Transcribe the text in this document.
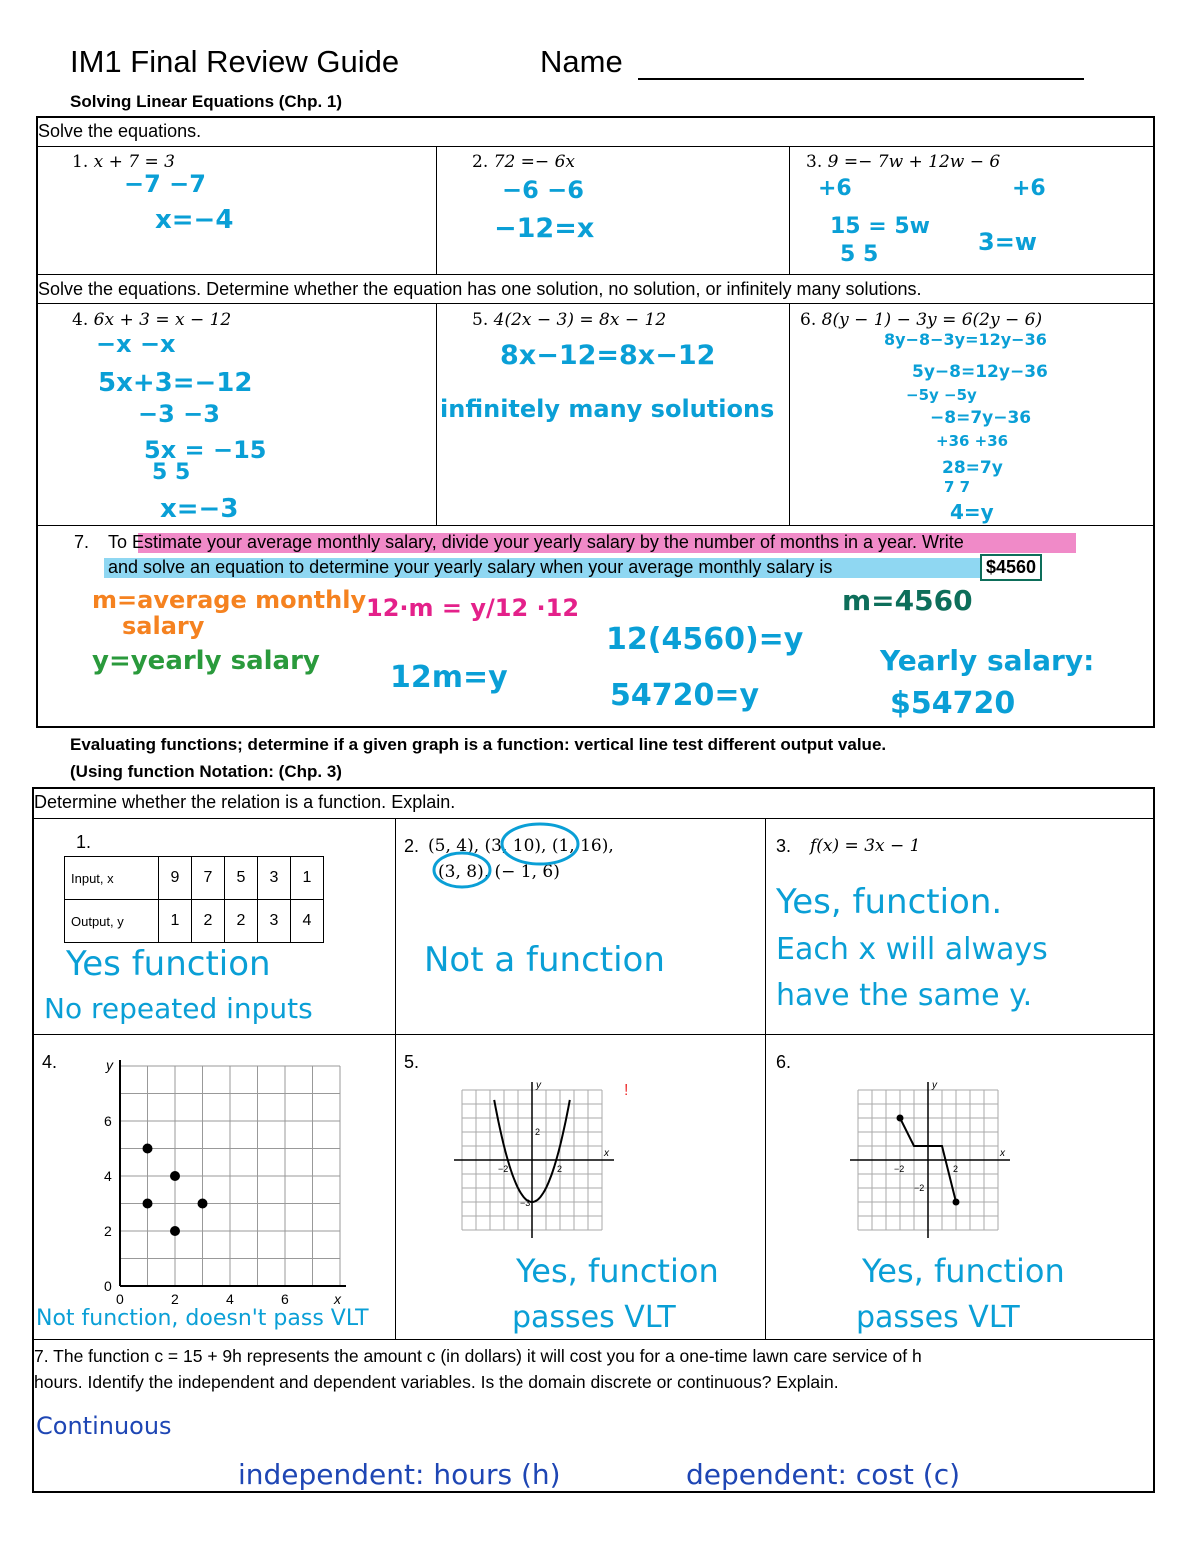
IM1 Final Review Guide	Name
Solving Linear Equations (Chp. 1)
Solve the equations.
Solve the equations. Determine whether the equation has one solution, no solution, or infinitely many solutions.
1. x + 7 = 3
−7 −7
x=−4
2. 72 =− 6x
−6 −6
−12=x
3. 9 =− 7w + 12w − 6
+6	+6
15 = 5w
5 5	3=w
4. 6x + 3 = x − 12
−x −x
5x+3=−12
−3 −3
5x = −15
5 5
x=−3
5. 4(2x − 3) = 8x − 12
8x−12=8x−12
infinitely many solutions
6. 8(y − 1) − 3y = 6(2y − 6)
8y−8−3y=12y−36
5y−8=12y−36
−5y −5y
−8=7y−36
+36 +36
28=7y
7 7
4=y
7. To Estimate your average monthly salary, divide your yearly salary by the number of months in a year. Write
and solve an equation to determine your yearly salary when your average monthly salary is	$4560
m=average monthly
salary
y=yearly salary
12·m = y/12 ·12
12m=y
12(4560)=y
54720=y
m=4560
Yearly salary:
$54720
Evaluating functions; determine if a given graph is a function: vertical line test different output value.
(Using function Notation: (Chp. 3)
Determine whether the relation is a function. Explain.
1.
Input, x	9	7	5	3	1
Output, y	1	2	2	3	4
Yes function
No repeated inputs
2. (5, 4), (3, 10), (1, 16),
(3, 8), (− 1, 6)
Not a function
3. f(x) = 3x − 1
Yes, function.
Each x will always
have the same y.
4.	y
x
0
2
4
6
0	2	4	6
Not function, doesn't pass VLT
5.
!
x
y
−2	2
2
−3
Yes, function
passes VLT
6.
x
y
−2	2
−2
Yes, function
passes VLT
7. The function c = 15 + 9h represents the amount c (in dollars) it will cost you for a one-time lawn care service of h
hours. Identify the independent and dependent variables. Is the domain discrete or continuous? Explain.
Continuous
independent: hours (h)	dependent: cost (c)
